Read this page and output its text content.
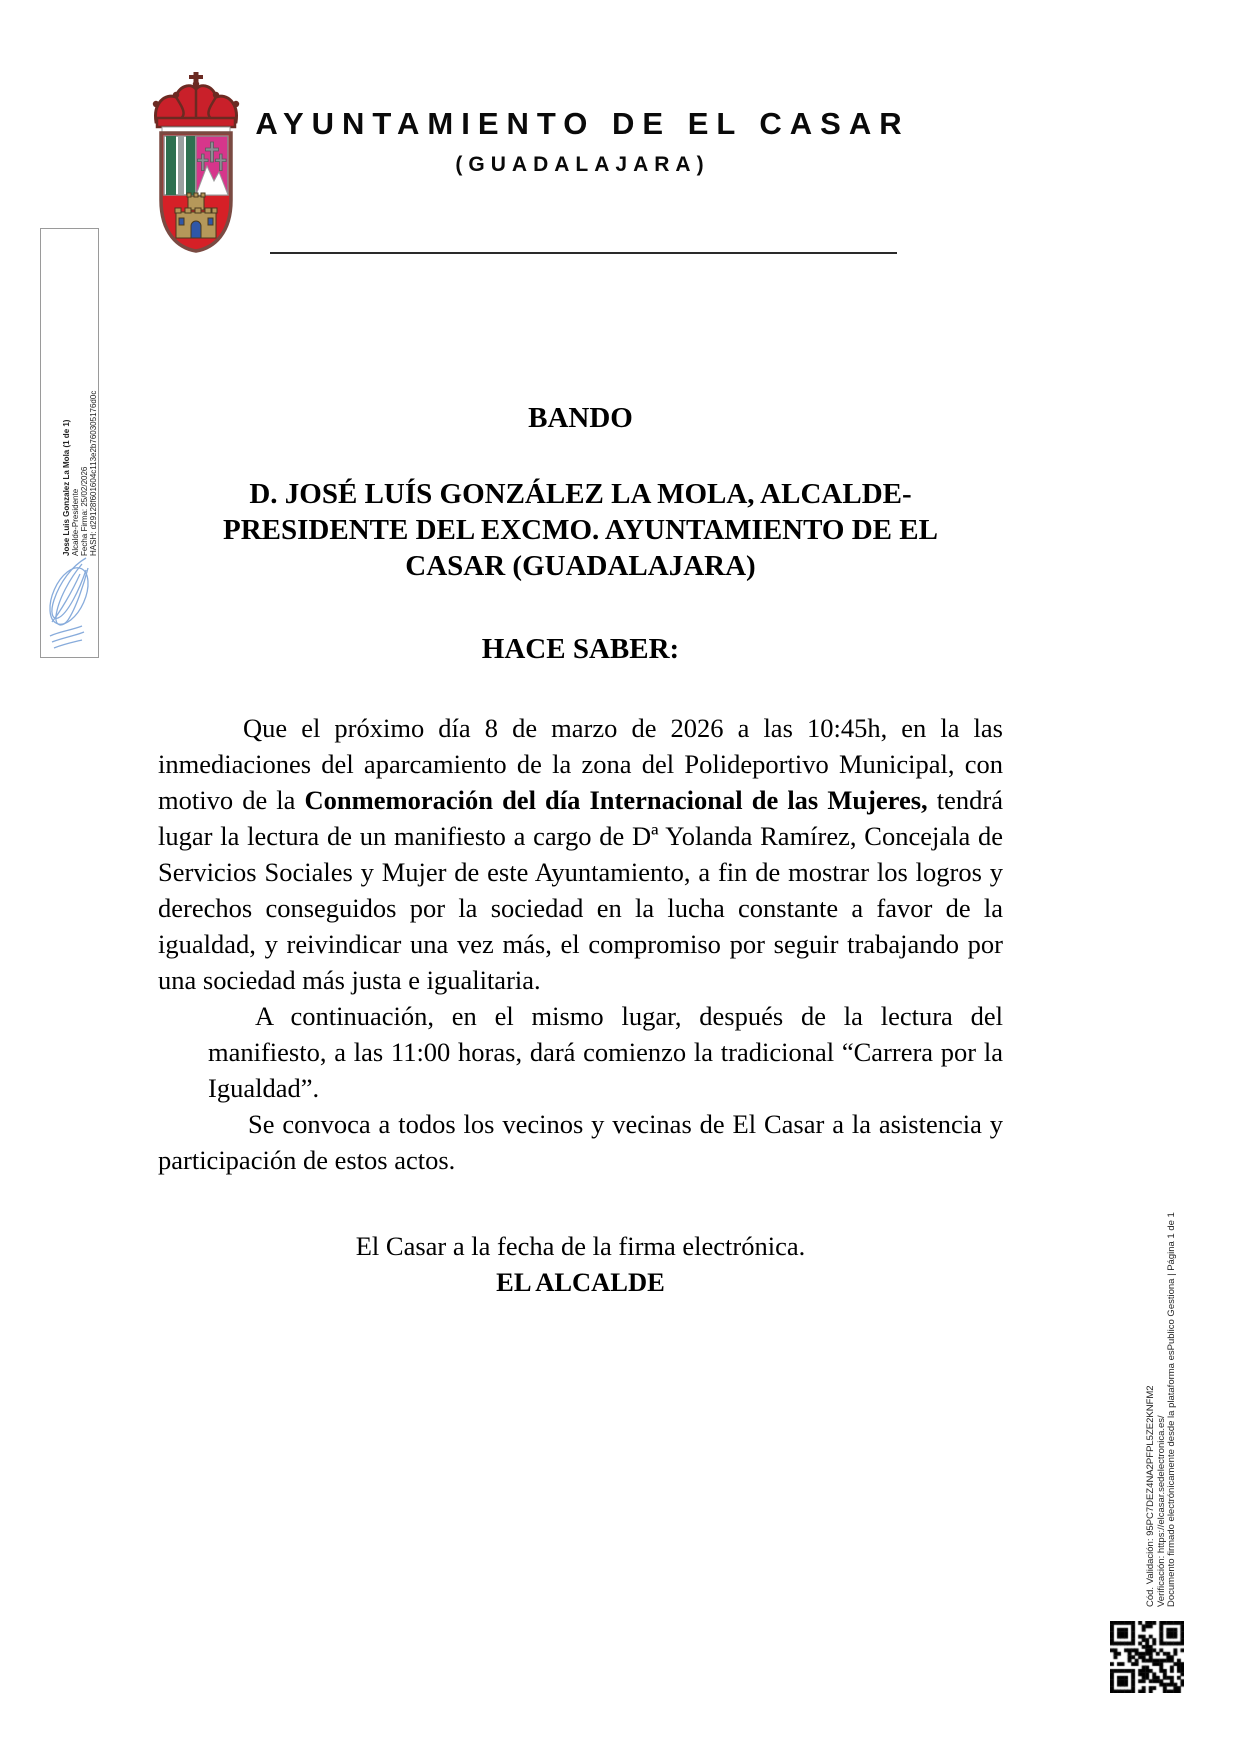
AYUNTAMIENTO DE EL CASAR
(GUADALAJARA)
Jose Luis Gonzalez La Mola (1 de 1) Alcalde-Presidente Fecha Firma: 25/02/2026 HASH: d29128f601604c113e2b760305176d0c	BANDO
D. JOSÉ LUÍS GONZÁLEZ LA MOLA, ALCALDE-
PRESIDENTE DEL EXCMO. AYUNTAMIENTO DE EL
CASAR (GUADALAJARA)
HACE SABER:

Que el próximo día 8 de marzo de 2026 a las 10:45h, en la las inmediaciones del aparcamiento de la zona del Polideportivo Municipal, con motivo de la Conmemoración del día Internacional de las Mujeres, tendrá lugar la lectura de un manifiesto a cargo de Dª Yolanda Ramírez, Concejala de Servicios Sociales y Mujer de este Ayuntamiento, a fin de mostrar los logros y derechos conseguidos por la sociedad en la lucha constante a favor de la igualdad, y reivindicar una vez más, el compromiso por seguir trabajando por una sociedad más justa e igualitaria.

A continuación, en el mismo lugar, después de la lectura del manifiesto, a las 11:00 horas, dará comienzo la tradicional “Carrera por la Igualdad”.

Se convoca a todos los vecinos y vecinas de El Casar a la asistencia y participación de estos actos.

El Casar a la fecha de la firma electrónica.
EL ALCALDE
Cód. Validación: 95PC7DEZ4NA2PFPL5ZE2KNFM2 Verificación: https://elcasar.sedelectronica.es/ Documento firmado electrónicamente desde la plataforma esPublico Gestiona | Página 1 de 1
